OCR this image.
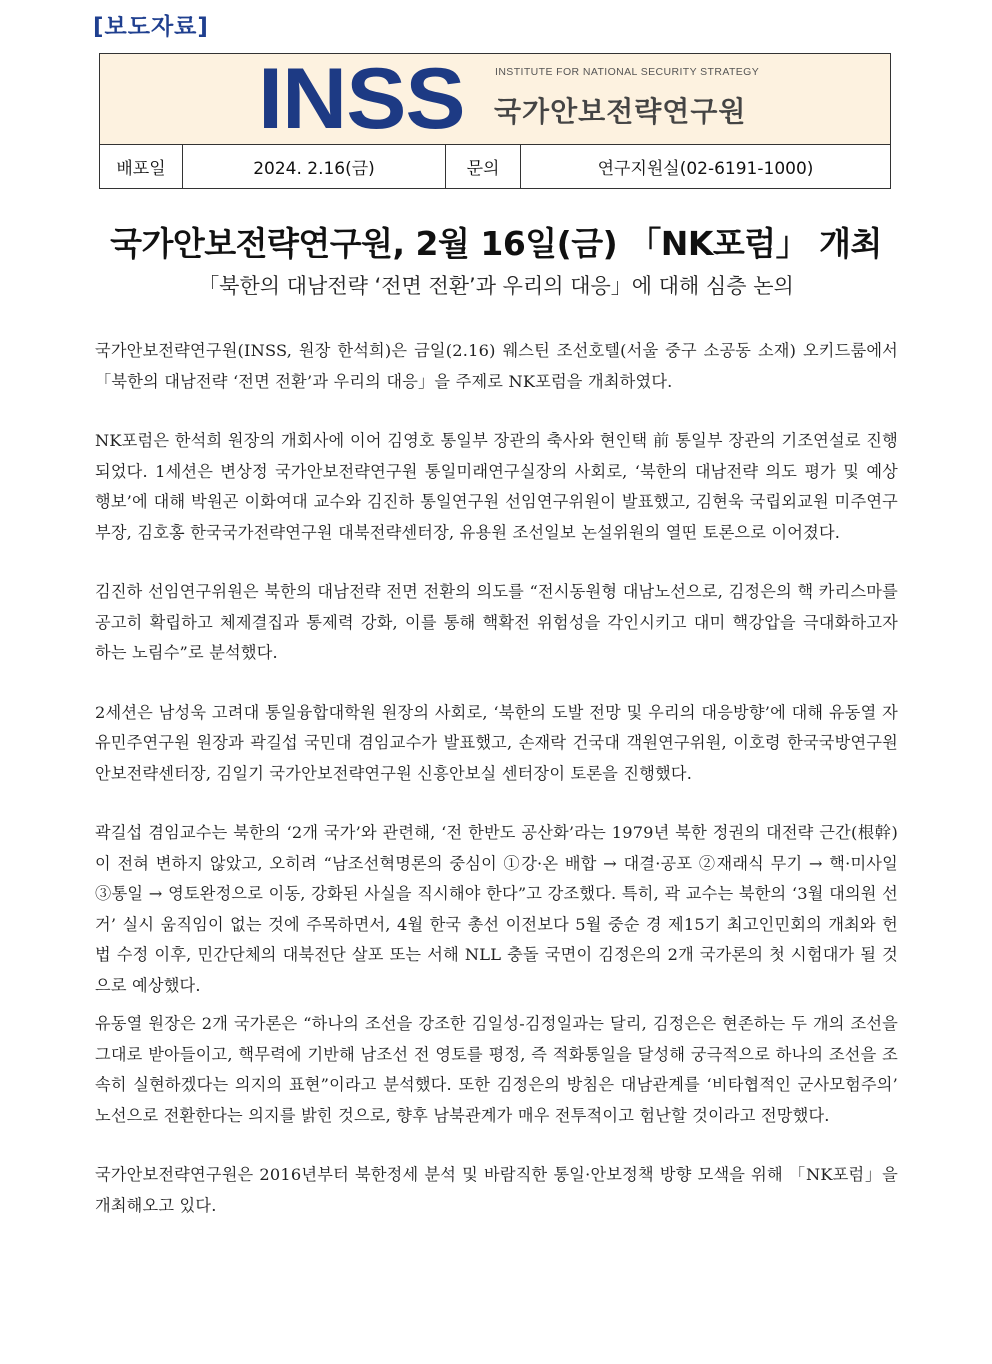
[보도자료]
INSS	INSTITUTE FOR NATIONAL SECURITY STRATEGY
국가안보전략연구원
배포일	2024. 2.16(금)	문의	연구지원실(02-6191-1000)
국가안보전략연구원, 2월 16일(금) 「NK포럼」 개최
「북한의 대남전략 ‘전면 전환’과 우리의 대응」에 대해 심층 논의

국가안보전략연구원(INSS, 원장 한석희)은 금일(2.16) 웨스틴 조선호텔(서울 중구 소공동 소재) 오키드룸에서 「북한의 대남전략 ‘전면 전환’과 우리의 대응」을 주제로 NK포럼을 개최하였다.

NK포럼은 한석희 원장의 개회사에 이어 김영호 통일부 장관의 축사와 현인택 前 통일부 장관의 기조연설로 진행되었다. 1세션은 변상정 국가안보전략연구원 통일미래연구실장의 사회로, ‘북한의 대남전략 의도 평가 및 예상 행보’에 대해 박원곤 이화여대 교수와 김진하 통일연구원 선임연구위원이 발표했고, 김현욱 국립외교원 미주연구부장, 김호홍 한국국가전략연구원 대북전략센터장, 유용원 조선일보 논설위원의 열띤 토론으로 이어졌다.

김진하 선임연구위원은 북한의 대남전략 전면 전환의 의도를 “전시동원형 대남노선으로, 김정은의 핵 카리스마를 공고히 확립하고 체제결집과 통제력 강화, 이를 통해 핵확전 위험성을 각인시키고 대미 핵강압을 극대화하고자 하는 노림수”로 분석했다.

2세션은 남성욱 고려대 통일융합대학원 원장의 사회로, ‘북한의 도발 전망 및 우리의 대응방향’에 대해 유동열 자유민주연구원 원장과 곽길섭 국민대 겸임교수가 발표했고, 손재락 건국대 객원연구위원, 이호령 한국국방연구원 안보전략센터장, 김일기 국가안보전략연구원 신흥안보실 센터장이 토론을 진행했다.

곽길섭 겸임교수는 북한의 ‘2개 국가’와 관련해, ‘전 한반도 공산화’라는 1979년 북한 정권의 대전략 근간(根幹)이 전혀 변하지 않았고, 오히려 “남조선혁명론의 중심이 ①강·온 배합 → 대결·공포 ②재래식 무기 → 핵·미사일 ③통일 → 영토완정으로 이동, 강화된 사실을 직시해야 한다”고 강조했다. 특히, 곽 교수는 북한의 ‘3월 대의원 선거’ 실시 움직임이 없는 것에 주목하면서, 4월 한국 총선 이전보다 5월 중순 경 제15기 최고인민회의 개최와 헌법 수정 이후, 민간단체의 대북전단 살포 또는 서해 NLL 충돌 국면이 김정은의 2개 국가론의 첫 시험대가 될 것으로 예상했다.

유동열 원장은 2개 국가론은 “하나의 조선을 강조한 김일성-김정일과는 달리, 김정은은 현존하는 두 개의 조선을 그대로 받아들이고, 핵무력에 기반해 남조선 전 영토를 평정, 즉 적화통일을 달성해 궁극적으로 하나의 조선을 조속히 실현하겠다는 의지의 표현”이라고 분석했다. 또한 김정은의 방침은 대남관계를 ‘비타협적인 군사모험주의’ 노선으로 전환한다는 의지를 밝힌 것으로, 향후 남북관계가 매우 전투적이고 험난할 것이라고 전망했다.

국가안보전략연구원은 2016년부터 북한정세 분석 및 바람직한 통일·안보정책 방향 모색을 위해 「NK포럼」을 개최해오고 있다.
